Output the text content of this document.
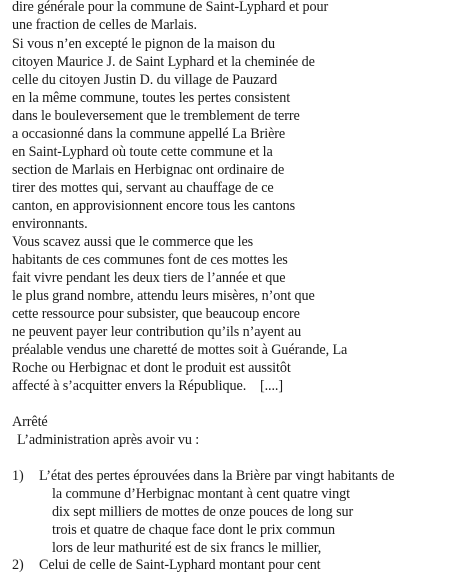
dire générale pour la commune de Saint-Lyphard et pour
une fraction de celles de Marlais.
Si vous n’en excepté le pignon de la maison du
citoyen Maurice J. de Saint Lyphard et la cheminée de
celle du citoyen Justin D. du village de Pauzard
en la même commune, toutes les pertes consistent
dans le bouleversement que le tremblement de terre
a occasionné dans la commune appellé La Brière
en Saint-Lyphard où toute cette commune et la
section de Marlais en Herbignac ont ordinaire de
tirer des mottes qui, servant au chauffage de ce
canton, en approvisionnent encore tous les cantons
environnants.
Vous scavez aussi que le commerce que les
habitants de ces communes font de ces mottes les
fait vivre pendant les deux tiers de l’année et que
le plus grand nombre, attendu leurs misères, n’ont que
cette ressource pour subsister, que beaucoup encore
ne peuvent payer leur contribution qu’ils n’ayent au
préalable vendus une charetté de mottes soit à Guérande, La
Roche ou Herbignac et dont le produit est aussitôt
affecté à s’acquitter envers la République.    [....]
Arrêté
L’administration après avoir vu :
1) L’état des pertes éprouvées dans la Brière par vingt habitants de
la commune d’Herbignac montant à cent quatre vingt
dix sept milliers de mottes de onze pouces de long sur
trois et quatre de chaque face dont le prix commun
lors de leur mathurité est de six francs le millier,
2) Celui de celle de Saint-Lyphard montant pour cent
